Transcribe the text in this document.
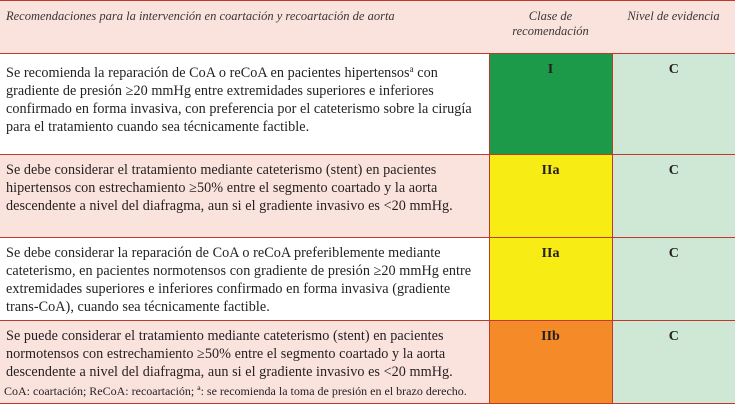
Recomendaciones para la intervención en coartación y recoartación de aorta	Clase de recomendación	Nivel de evidencia
Se recomienda la reparación de CoA o reCoA en pacientes hipertensos$^a$ con gradiente de presión ≥20 mmHg entre extremidades superiores e inferiores confirmado en forma invasiva, con preferencia por el cateterismo sobre la cirugía para el tratamiento cuando sea técnicamente factible.	I	C
Se debe considerar el tratamiento mediante cateterismo (stent) en pacientes hipertensos con estrechamiento ≥50% entre el segmento coartado y la aorta descendente a nivel del diafragma, aun si el gradiente invasivo es <20 mmHg.	IIa	C
Se debe considerar la reparación de CoA o reCoA preferiblemente mediante cateterismo, en pacientes normotensos con gradiente de presión ≥20 mmHg entre extremidades superiores e inferiores confirmado en forma invasiva (gradiente trans-CoA), cuando sea técnicamente factible.	IIa	C
Se puede considerar el tratamiento mediante cateterismo (stent) en pacientes normotensos con estrechamiento ≥50% entre el segmento coartado y la aorta descendente a nivel del diafragma, aun si el gradiente invasivo es <20 mmHg.	IIb	C
CoA: coartación; ReCoA: recoartación; ª: se recomienda la toma de presión en el brazo derecho.
